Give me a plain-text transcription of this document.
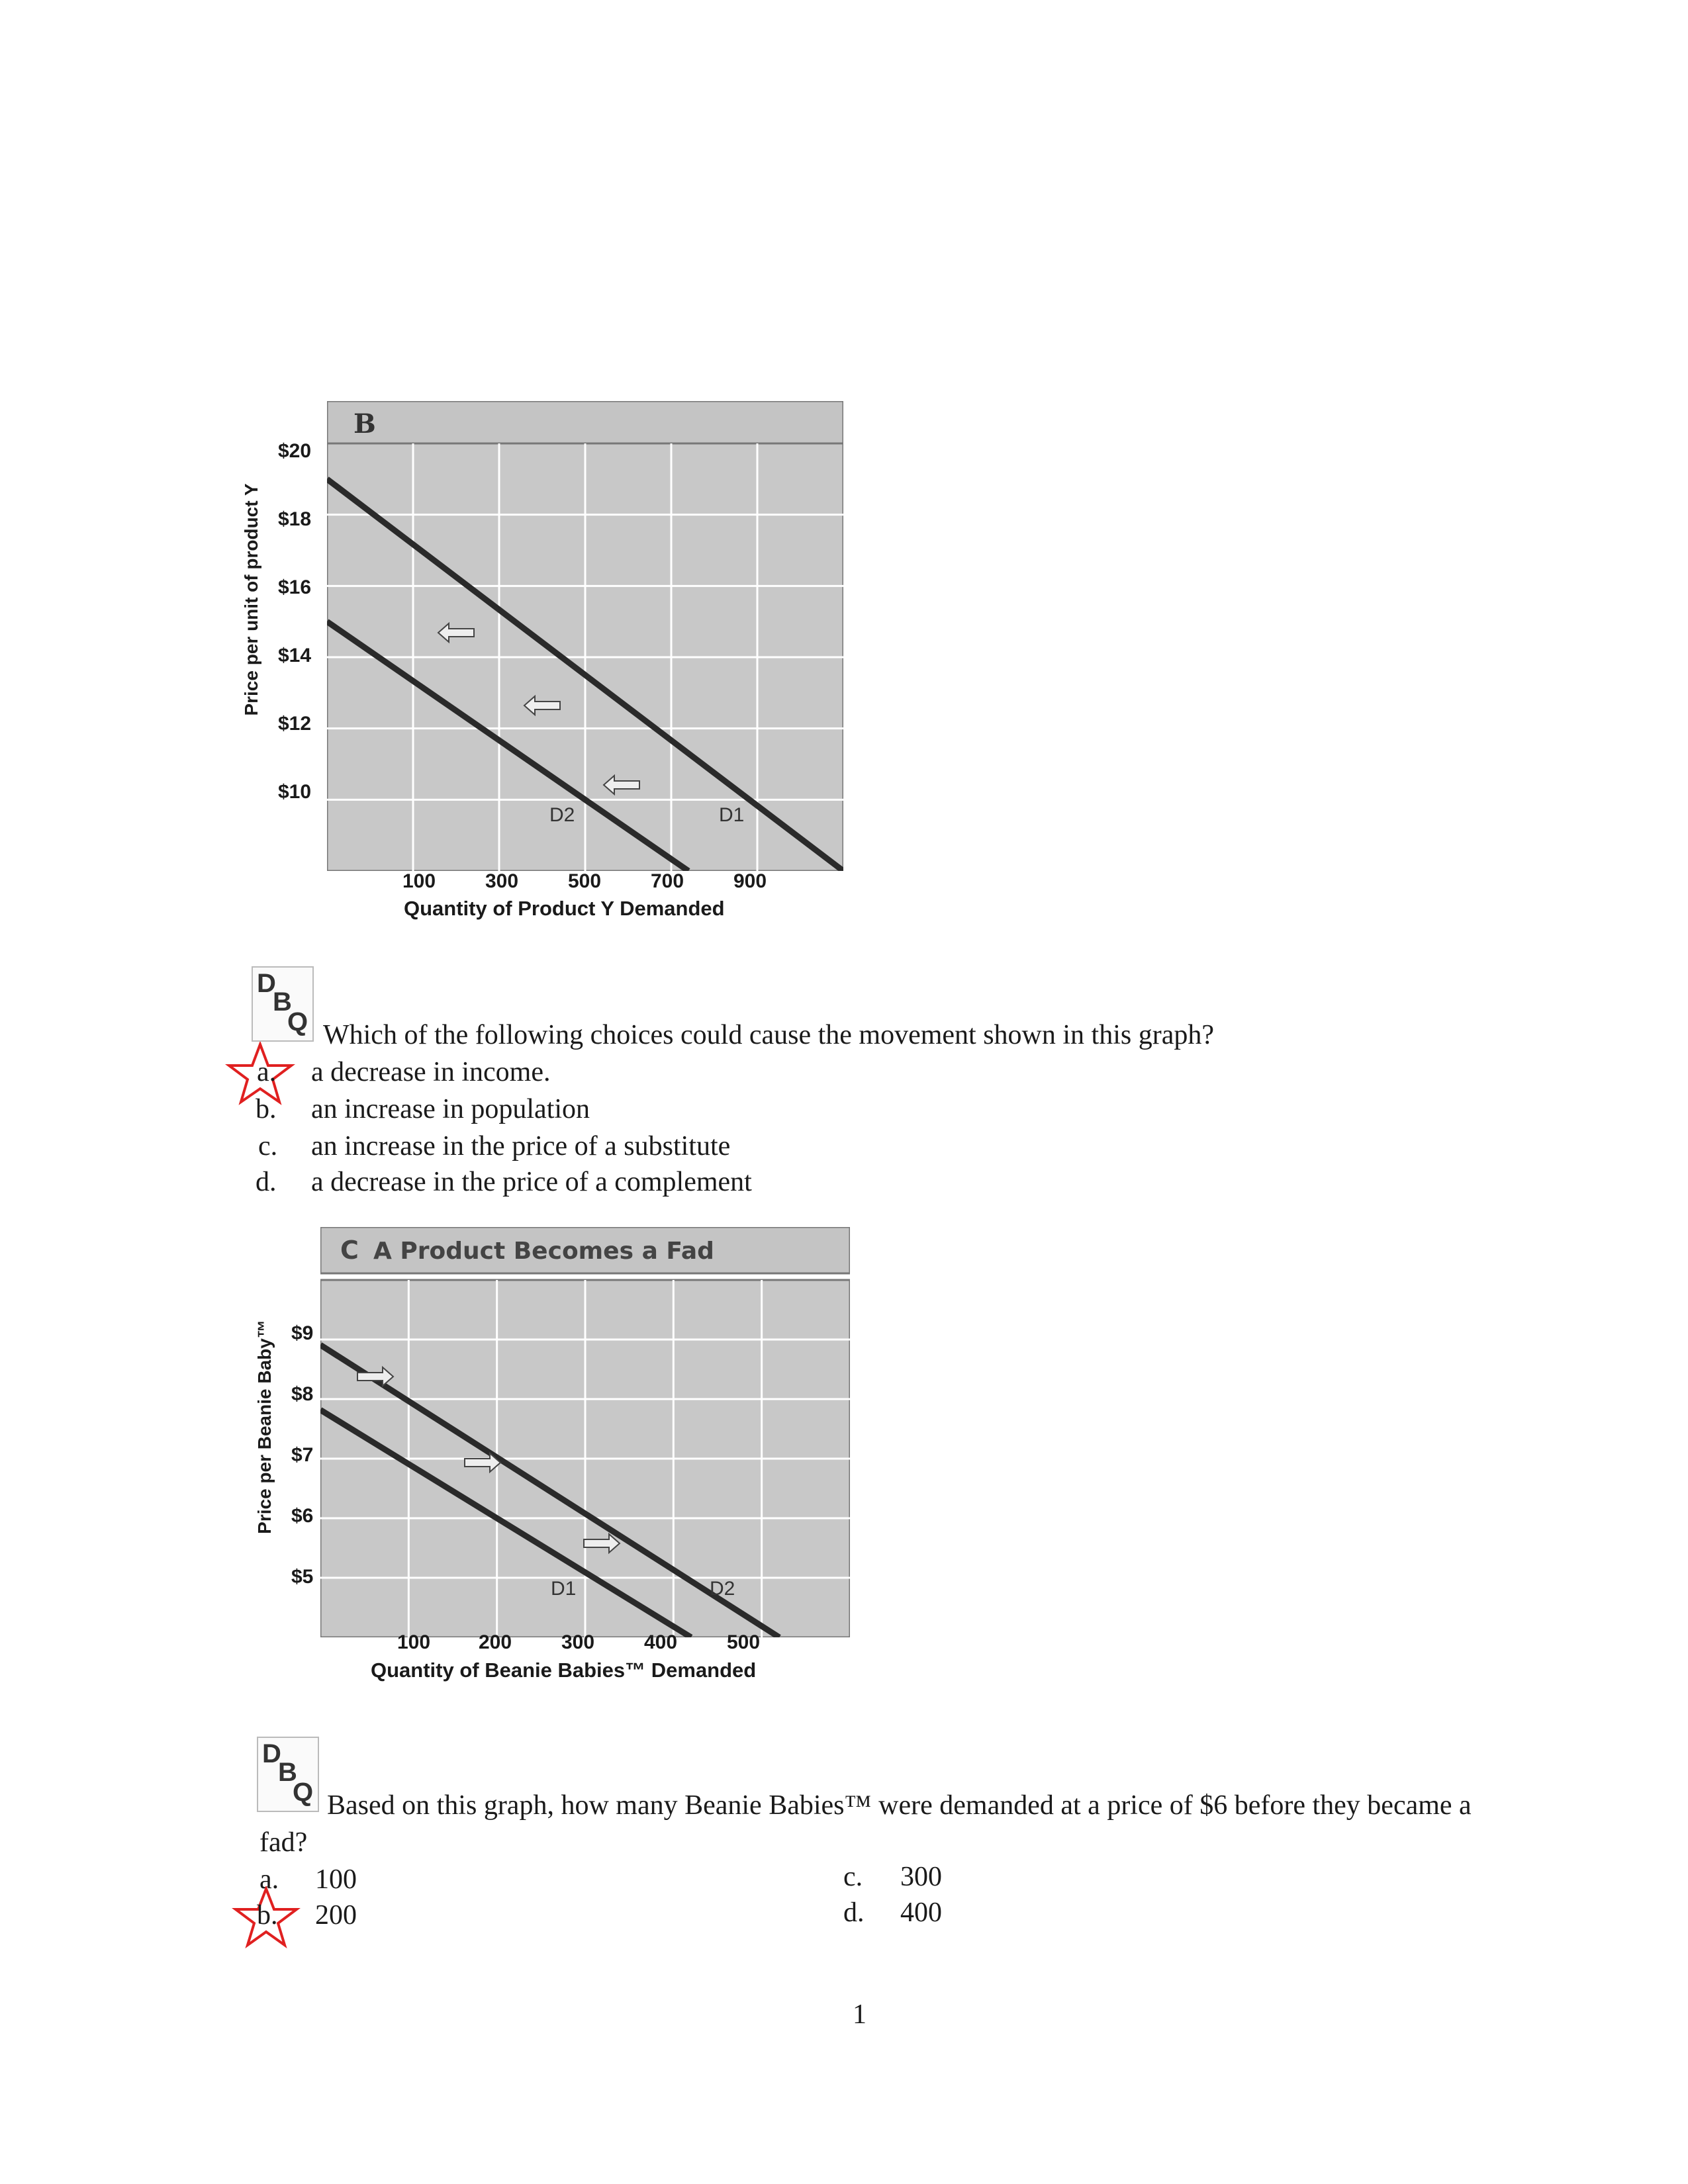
Price per unit of product Y
$20
$18
$16
$14
$12
$10
B
D2	D1
100 300 500 700 900
Quantity of Product Y Demanded
D
B
Q Which of the following choices could cause the movement shown in this graph?
a. a decrease in income.
b. an increase in population
c. an increase in the price of a substitute
d. a decrease in the price of a complement
Price per Beanie Baby™ $9
$8
$7
$6
$5
C A Product Becomes a Fad
D1	D2
100 200 300 400 500
Quantity of Beanie Babies™ Demanded
D
B
Q Based on this graph, how many Beanie Babies™ were demanded at a price of $6 before they became a
fad?
a. 100
b. 200
c. 300
d. 400
1
